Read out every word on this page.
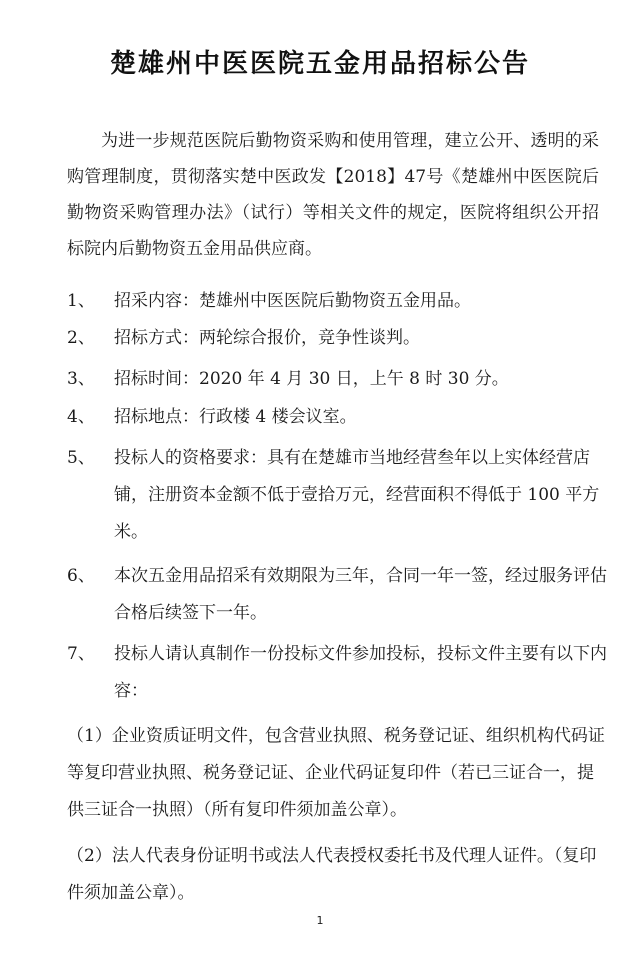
楚雄州中医医院五金用品招标公告
为进一步规范医院后勤物资采购和使用管理，建立公开、透明的采购管理制度，贯彻落实楚中医政发【2018】47号《楚雄州中医医院后勤物资采购管理办法》（试行）等相关文件的规定，医院将组织公开招标院内后勤物资五金用品供应商。
1、	招采内容：楚雄州中医医院后勤物资五金用品。
2、	招标方式：两轮综合报价，竞争性谈判。
3、	招标时间：2020 年 4 月 30 日，上午 8 时 30 分。
4、	招标地点：行政楼 4 楼会议室。
5、	投标人的资格要求：具有在楚雄市当地经营叁年以上实体经营店铺，注册资本金额不低于壹拾万元，经营面积不得低于 100 平方米。
6、	本次五金用品招采有效期限为三年，合同一年一签，经过服务评估合格后续签下一年。
7、	投标人请认真制作一份投标文件参加投标，投标文件主要有以下内容：
（1）企业资质证明文件，包含营业执照、税务登记证、组织机构代码证等复印营业执照、税务登记证、企业代码证复印件（若已三证合一，提供三证合一执照）（所有复印件须加盖公章）。
（2）法人代表身份证明书或法人代表授权委托书及代理人证件。（复印件须加盖公章）。
1
